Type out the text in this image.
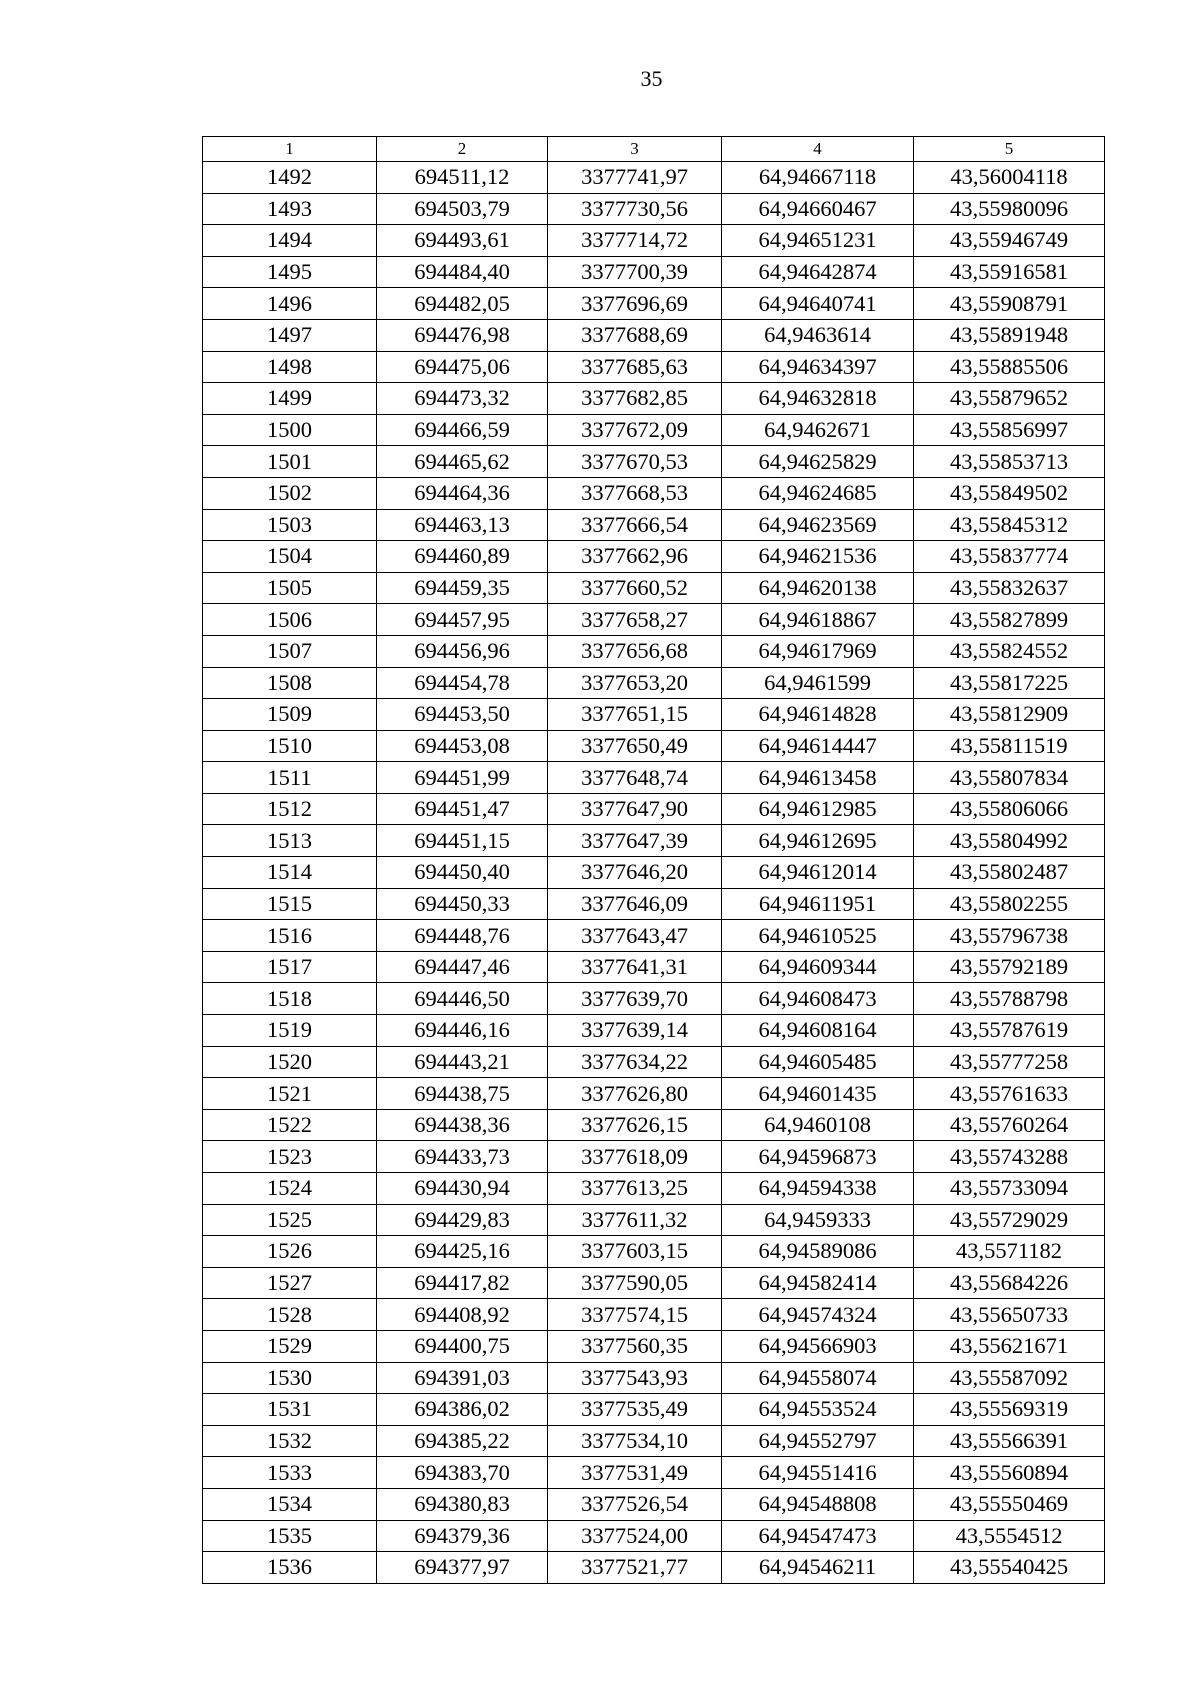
35
1	2	3	4	5
1492	694511,12	3377741,97	64,94667118	43,56004118
1493	694503,79	3377730,56	64,94660467	43,55980096
1494	694493,61	3377714,72	64,94651231	43,55946749
1495	694484,40	3377700,39	64,94642874	43,55916581
1496	694482,05	3377696,69	64,94640741	43,55908791
1497	694476,98	3377688,69	64,9463614	43,55891948
1498	694475,06	3377685,63	64,94634397	43,55885506
1499	694473,32	3377682,85	64,94632818	43,55879652
1500	694466,59	3377672,09	64,9462671	43,55856997
1501	694465,62	3377670,53	64,94625829	43,55853713
1502	694464,36	3377668,53	64,94624685	43,55849502
1503	694463,13	3377666,54	64,94623569	43,55845312
1504	694460,89	3377662,96	64,94621536	43,55837774
1505	694459,35	3377660,52	64,94620138	43,55832637
1506	694457,95	3377658,27	64,94618867	43,55827899
1507	694456,96	3377656,68	64,94617969	43,55824552
1508	694454,78	3377653,20	64,9461599	43,55817225
1509	694453,50	3377651,15	64,94614828	43,55812909
1510	694453,08	3377650,49	64,94614447	43,55811519
1511	694451,99	3377648,74	64,94613458	43,55807834
1512	694451,47	3377647,90	64,94612985	43,55806066
1513	694451,15	3377647,39	64,94612695	43,55804992
1514	694450,40	3377646,20	64,94612014	43,55802487
1515	694450,33	3377646,09	64,94611951	43,55802255
1516	694448,76	3377643,47	64,94610525	43,55796738
1517	694447,46	3377641,31	64,94609344	43,55792189
1518	694446,50	3377639,70	64,94608473	43,55788798
1519	694446,16	3377639,14	64,94608164	43,55787619
1520	694443,21	3377634,22	64,94605485	43,55777258
1521	694438,75	3377626,80	64,94601435	43,55761633
1522	694438,36	3377626,15	64,9460108	43,55760264
1523	694433,73	3377618,09	64,94596873	43,55743288
1524	694430,94	3377613,25	64,94594338	43,55733094
1525	694429,83	3377611,32	64,9459333	43,55729029
1526	694425,16	3377603,15	64,94589086	43,5571182
1527	694417,82	3377590,05	64,94582414	43,55684226
1528	694408,92	3377574,15	64,94574324	43,55650733
1529	694400,75	3377560,35	64,94566903	43,55621671
1530	694391,03	3377543,93	64,94558074	43,55587092
1531	694386,02	3377535,49	64,94553524	43,55569319
1532	694385,22	3377534,10	64,94552797	43,55566391
1533	694383,70	3377531,49	64,94551416	43,55560894
1534	694380,83	3377526,54	64,94548808	43,55550469
1535	694379,36	3377524,00	64,94547473	43,5554512
1536	694377,97	3377521,77	64,94546211	43,55540425
